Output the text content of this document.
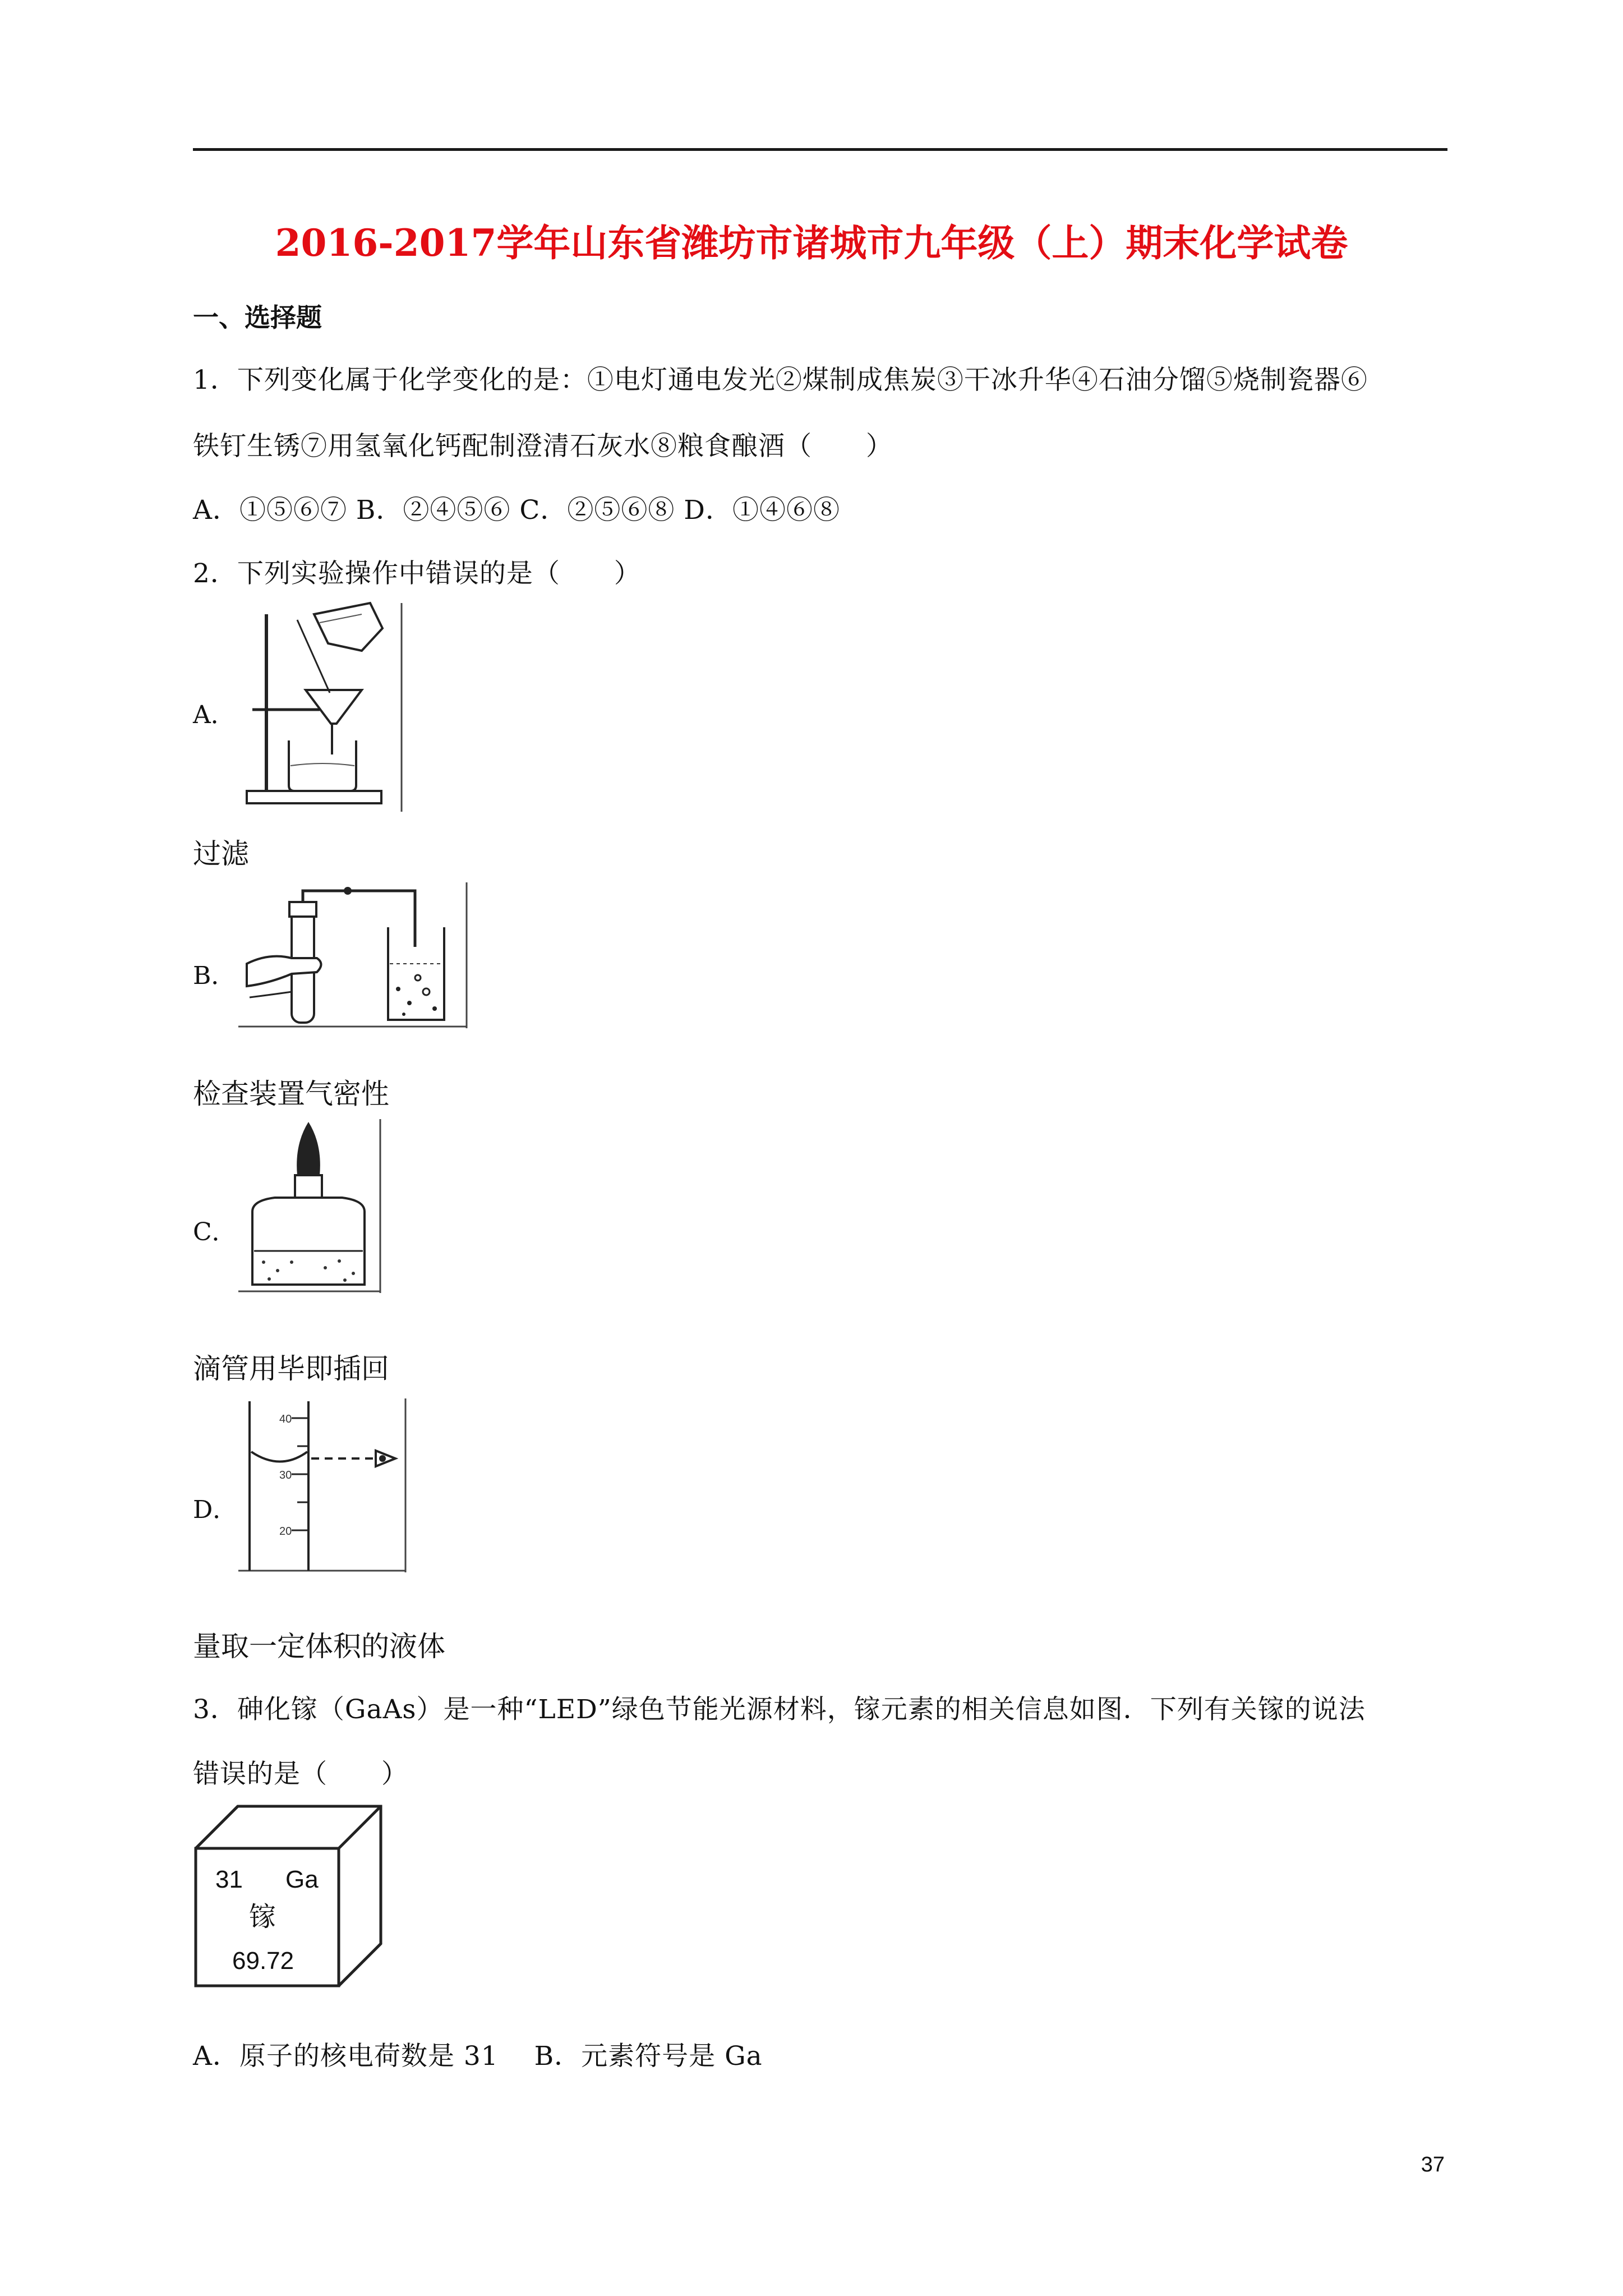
2016-2017学年山东省潍坊市诸城市九年级（上）期末化学试卷
一、选择题
1．下列变化属于化学变化的是：①电灯通电发光②煤制成焦炭③干冰升华④石油分馏⑤烧制瓷器⑥
铁钉生锈⑦用氢氧化钙配制澄清石灰水⑧粮食酿酒（　　）
A．①⑤⑥⑦ B．②④⑤⑥ C．②⑤⑥⑧ D．①④⑥⑧
2．下列实验操作中错误的是（　　）
A．
过滤
B．
检查装置气密性
C．
滴管用毕即插回
D．
40
30
20
量取一定体积的液体
3．砷化镓（GaAs）是一种“LED”绿色节能光源材料，镓元素的相关信息如图．下列有关镓的说法
错误的是（　　）
31 Ga
镓
69.72
A．原子的核电荷数是 31　 B．元素符号是 Ga
37
